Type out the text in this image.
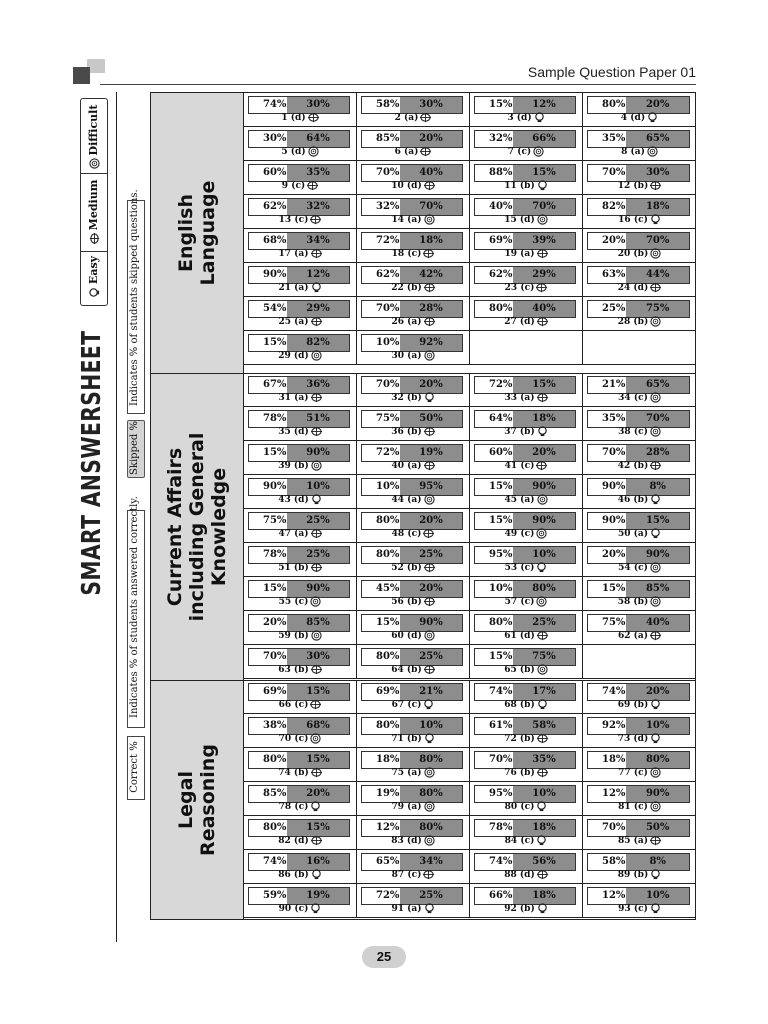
Sample Question Paper 01
SMART ANSWERSHEET
Easy
Medium
Difficult
Indicates % of students skipped questions.
Skipped %
Indicates % of students answered correctly.
Correct %
English Language
Current Affairs including General Knowledge
Legal Reasoning
74%	30%
1 (d)
58%	30%
2 (a)
15%	12%
3 (d)
80%	20%
4 (d)
30%	64%
5 (d)
85%	20%
6 (a)
32%	66%
7 (c)
35%	65%
8 (a)
60%	35%
9 (c)
70%	40%
10 (d)
88%	15%
11 (b)
70%	30%
12 (b)
62%	32%
13 (c)
32%	70%
14 (a)
40%	70%
15 (d)
82%	18%
16 (c)
68%	34%
17 (a)
72%	18%
18 (c)
69%	39%
19 (a)
20%	70%
20 (b)
90%	12%
21 (a)
62%	42%
22 (b)
62%	29%
23 (c)
63%	44%
24 (d)
54%	29%
25 (a)
70%	28%
26 (a)
80%	40%
27 (d)
25%	75%
28 (b)
15%	82%
29 (d)
10%	92%
30 (a)
67%	36%
31 (a)
70%	20%
32 (b)
72%	15%
33 (a)
21%	65%
34 (c)
78%	51%
35 (d)
75%	50%
36 (b)
64%	18%
37 (b)
35%	70%
38 (c)
15%	90%
39 (b)
72%	19%
40 (a)
60%	20%
41 (c)
70%	28%
42 (b)
90%	10%
43 (d)
10%	95%
44 (a)
15%	90%
45 (a)
90%	8%
46 (b)
75%	25%
47 (a)
80%	20%
48 (c)
15%	90%
49 (c)
90%	15%
50 (a)
78%	25%
51 (b)
80%	25%
52 (b)
95%	10%
53 (c)
20%	90%
54 (c)
15%	90%
55 (c)
45%	20%
56 (b)
10%	80%
57 (c)
15%	85%
58 (b)
20%	85%
59 (b)
15%	90%
60 (d)
80%	25%
61 (d)
75%	40%
62 (a)
70%	30%
63 (b)
80%	25%
64 (b)
15%	75%
65 (b)
69%	15%
66 (c)
69%	21%
67 (c)
74%	17%
68 (b)
74%	20%
69 (b)
38%	68%
70 (c)
80%	10%
71 (b)
61%	58%
72 (b)
92%	10%
73 (d)
80%	15%
74 (b)
18%	80%
75 (a)
70%	35%
76 (b)
18%	80%
77 (c)
85%	20%
78 (c)
19%	80%
79 (a)
95%	10%
80 (c)
12%	90%
81 (c)
80%	15%
82 (d)
12%	80%
83 (d)
78%	18%
84 (c)
70%	50%
85 (a)
74%	16%
86 (b)
65%	34%
87 (c)
74%	56%
88 (d)
58%	8%
89 (b)
59%	19%
90 (c)
72%	25%
91 (a)
66%	18%
92 (b)
12%	10%
93 (c)
25
